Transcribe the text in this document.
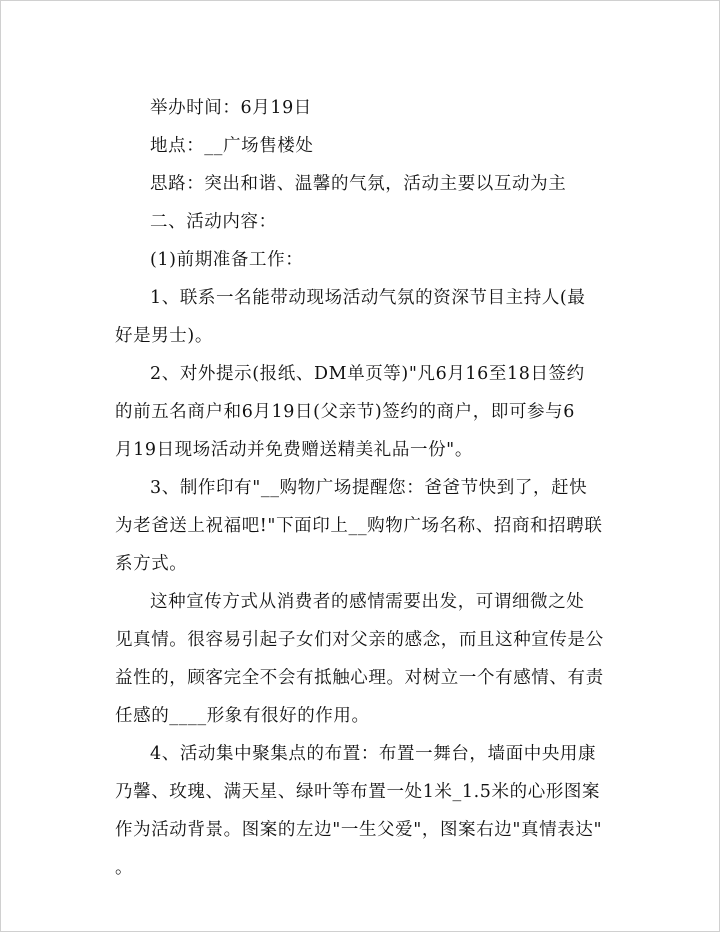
举办时间：6月19日
地点：__广场售楼处
思路：突出和谐、温馨的气氛，活动主要以互动为主
二、活动内容：
(1)前期准备工作：
1、联系一名能带动现场活动气氛的资深节目主持人(最
好是男士)。
2、对外提示(报纸、DM单页等)"凡6月16至18日签约
的前五名商户和6月19日(父亲节)签约的商户，即可参与6
月19日现场活动并免费赠送精美礼品一份"。
3、制作印有"__购物广场提醒您：爸爸节快到了，赶快
为老爸送上祝福吧!"下面印上__购物广场名称、招商和招聘联
系方式。
这种宣传方式从消费者的感情需要出发，可谓细微之处
见真情。很容易引起子女们对父亲的感念，而且这种宣传是公
益性的，顾客完全不会有抵触心理。对树立一个有感情、有责
任感的____形象有很好的作用。
4、活动集中聚集点的布置：布置一舞台，墙面中央用康
乃馨、玫瑰、满天星、绿叶等布置一处1米_1.5米的心形图案
作为活动背景。图案的左边"一生父爱"，图案右边"真情表达"
。
